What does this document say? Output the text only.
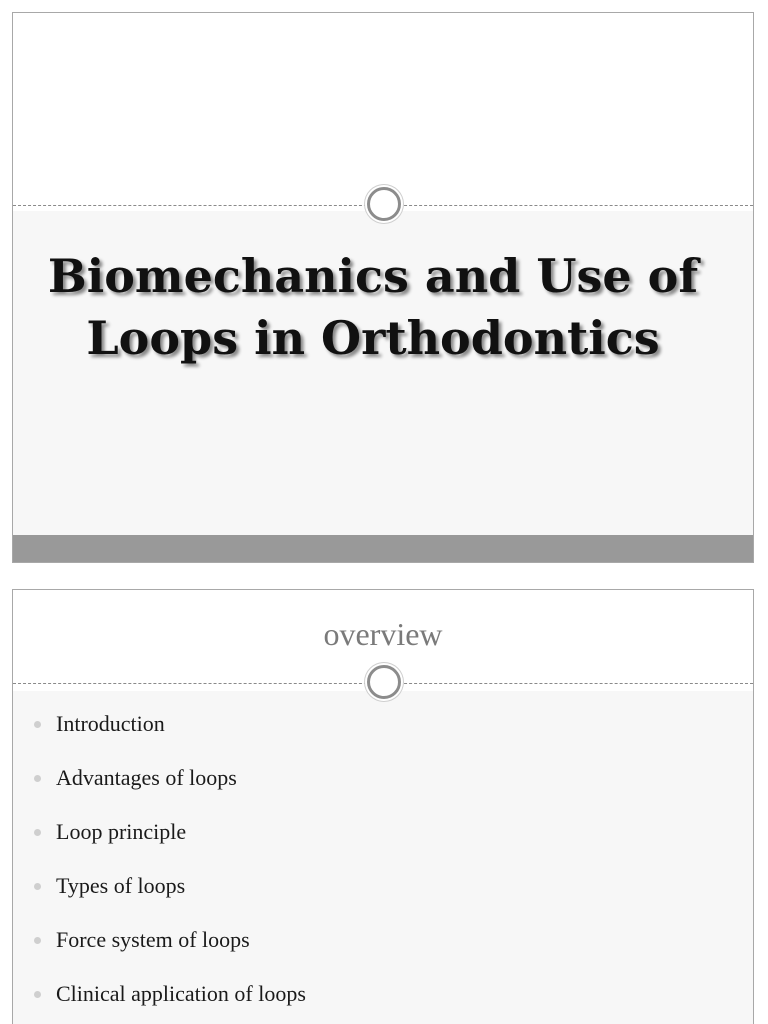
Biomechanics and Use of Loops in Orthodontics
overview
Introduction
Advantages of loops
Loop principle
Types of loops
Force system of loops
Clinical application of loops
